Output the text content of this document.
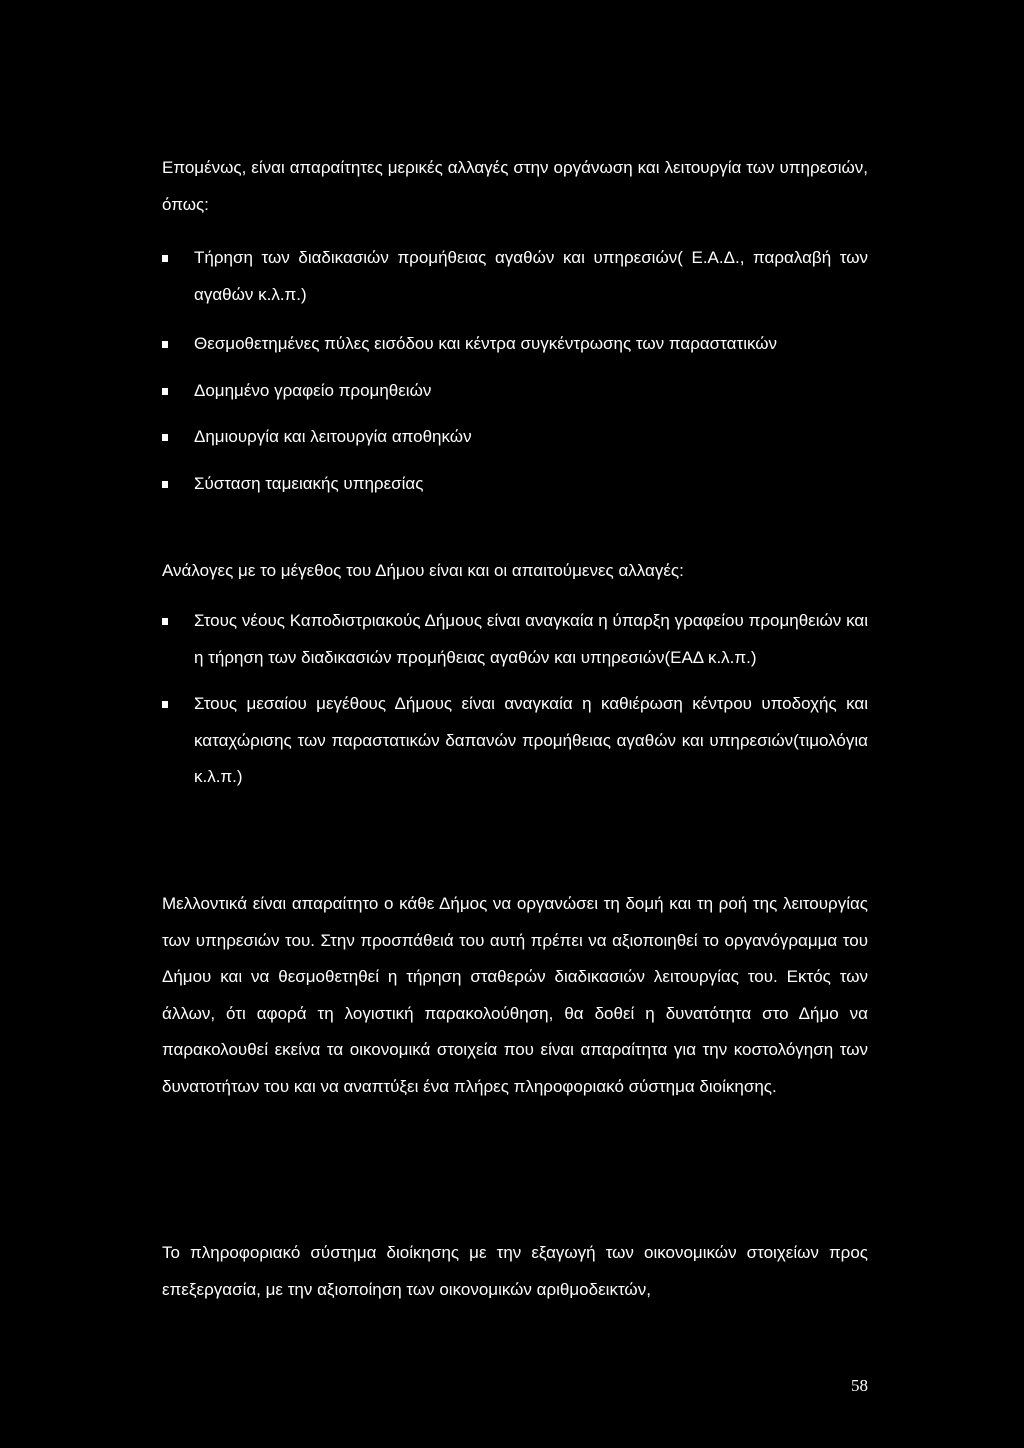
Επομένως, είναι απαραίτητες μερικές αλλαγές στην οργάνωση και λειτουργία των υπηρεσιών, όπως:

Τήρηση των διαδικασιών προμήθειας αγαθών και υπηρεσιών( Ε.Α.Δ., παραλαβή των αγαθών κ.λ.π.)
Θεσμοθετημένες πύλες εισόδου και κέντρα συγκέντρωσης των παραστατικών
Δομημένο γραφείο προμηθειών
Δημιουργία και λειτουργία αποθηκών
Σύσταση ταμειακής υπηρεσίας

Ανάλογες με το μέγεθος του Δήμου είναι και οι απαιτούμενες αλλαγές:

Στους νέους Καποδιστριακούς Δήμους είναι αναγκαία η ύπαρξη γραφείου προμηθειών και η τήρηση των διαδικασιών προμήθειας αγαθών και υπηρεσιών(ΕΑΔ κ.λ.π.)
Στους μεσαίου μεγέθους Δήμους είναι αναγκαία η καθιέρωση κέντρου υποδοχής και καταχώρισης των παραστατικών δαπανών προμήθειας αγαθών και υπηρεσιών(τιμολόγια κ.λ.π.)

Μελλοντικά είναι απαραίτητο ο κάθε Δήμος να οργανώσει τη δομή και τη ροή της λειτουργίας των υπηρεσιών του. Στην προσπάθειά του αυτή πρέπει να αξιοποιηθεί το οργανόγραμμα του Δήμου και να θεσμοθετηθεί η τήρηση σταθερών διαδικασιών λειτουργίας του. Εκτός των άλλων, ότι αφορά τη λογιστική παρακολούθηση, θα δοθεί η δυνατότητα στο Δήμο να παρακολουθεί εκείνα τα οικονομικά στοιχεία που είναι απαραίτητα για την κοστολόγηση των δυνατοτήτων του και να αναπτύξει ένα πλήρες πληροφοριακό σύστημα διοίκησης.

Το πληροφοριακό σύστημα διοίκησης με την εξαγωγή των οικονομικών στοιχείων προς επεξεργασία, με την αξιοποίηση των οικονομικών αριθμοδεικτών,

58
